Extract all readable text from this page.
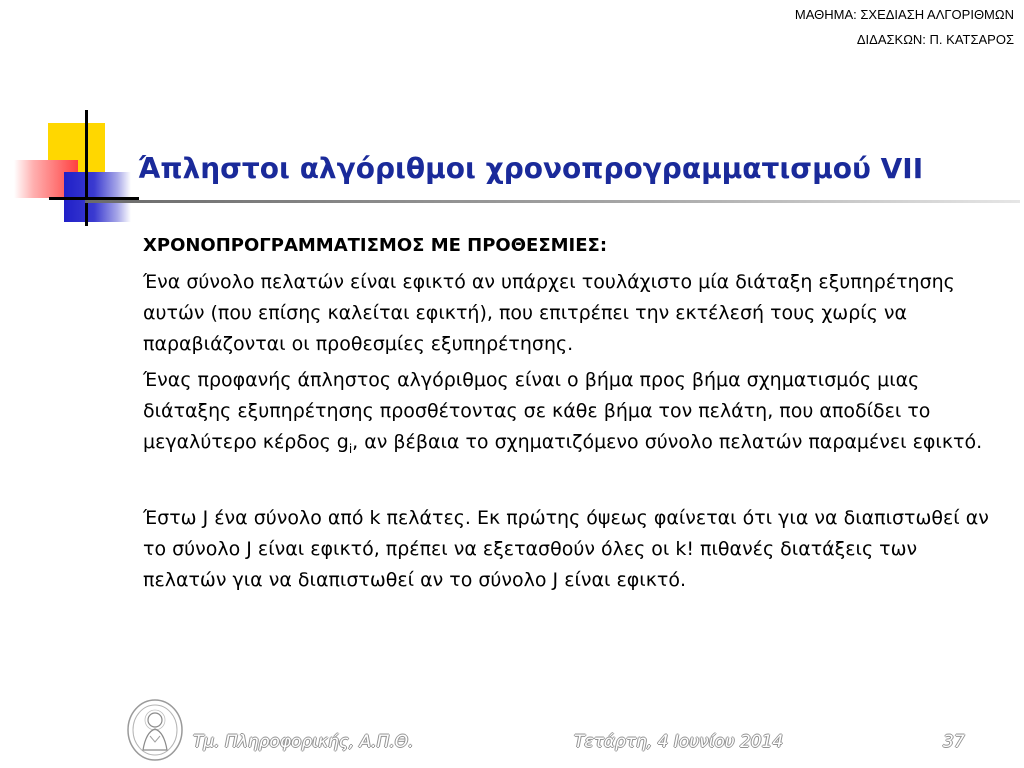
ΜΑΘΗΜΑ: ΣΧΕΔΙΑΣΗ ΑΛΓΟΡΙΘΜΩΝ
ΔΙΔΑΣΚΩΝ: Π. ΚΑΤΣΑΡΟΣ
Άπληστοι αλγόριθμοι χρονοπρογραμματισμού VII

ΧΡΟΝΟΠΡΟΓΡΑΜΜΑΤΙΣΜΟΣ ΜΕ ΠΡΟΘΕΣΜΙΕΣ:

Ένα σύνολο πελατών είναι εφικτό αν υπάρχει τουλάχιστο μία διάταξη εξυπηρέτησης αυτών (που επίσης καλείται εφικτή), που επιτρέπει την εκτέλεσή τους χωρίς να παραβιάζονται οι προθεσμίες εξυπηρέτησης.

Ένας προφανής άπληστος αλγόριθμος είναι ο βήμα προς βήμα σχηματισμός μιας διάταξης εξυπηρέτησης προσθέτοντας σε κάθε βήμα τον πελάτη, που αποδίδει το μεγαλύτερο κέρδος $g_i$, αν βέβαια το σχηματιζόμενο σύνολο πελατών παραμένει εφικτό.

Έστω J ένα σύνολο από k πελάτες. Εκ πρώτης όψεως φαίνεται ότι για να διαπιστωθεί αν το σύνολο J είναι εφικτό, πρέπει να εξετασθούν όλες οι k! πιθανές διατάξεις των πελατών για να διαπιστωθεί αν το σύνολο J είναι εφικτό.

Τμ. Πληροφορικής, Α.Π.Θ.	Τετάρτη, 4 Ιουνίου 2014	37
